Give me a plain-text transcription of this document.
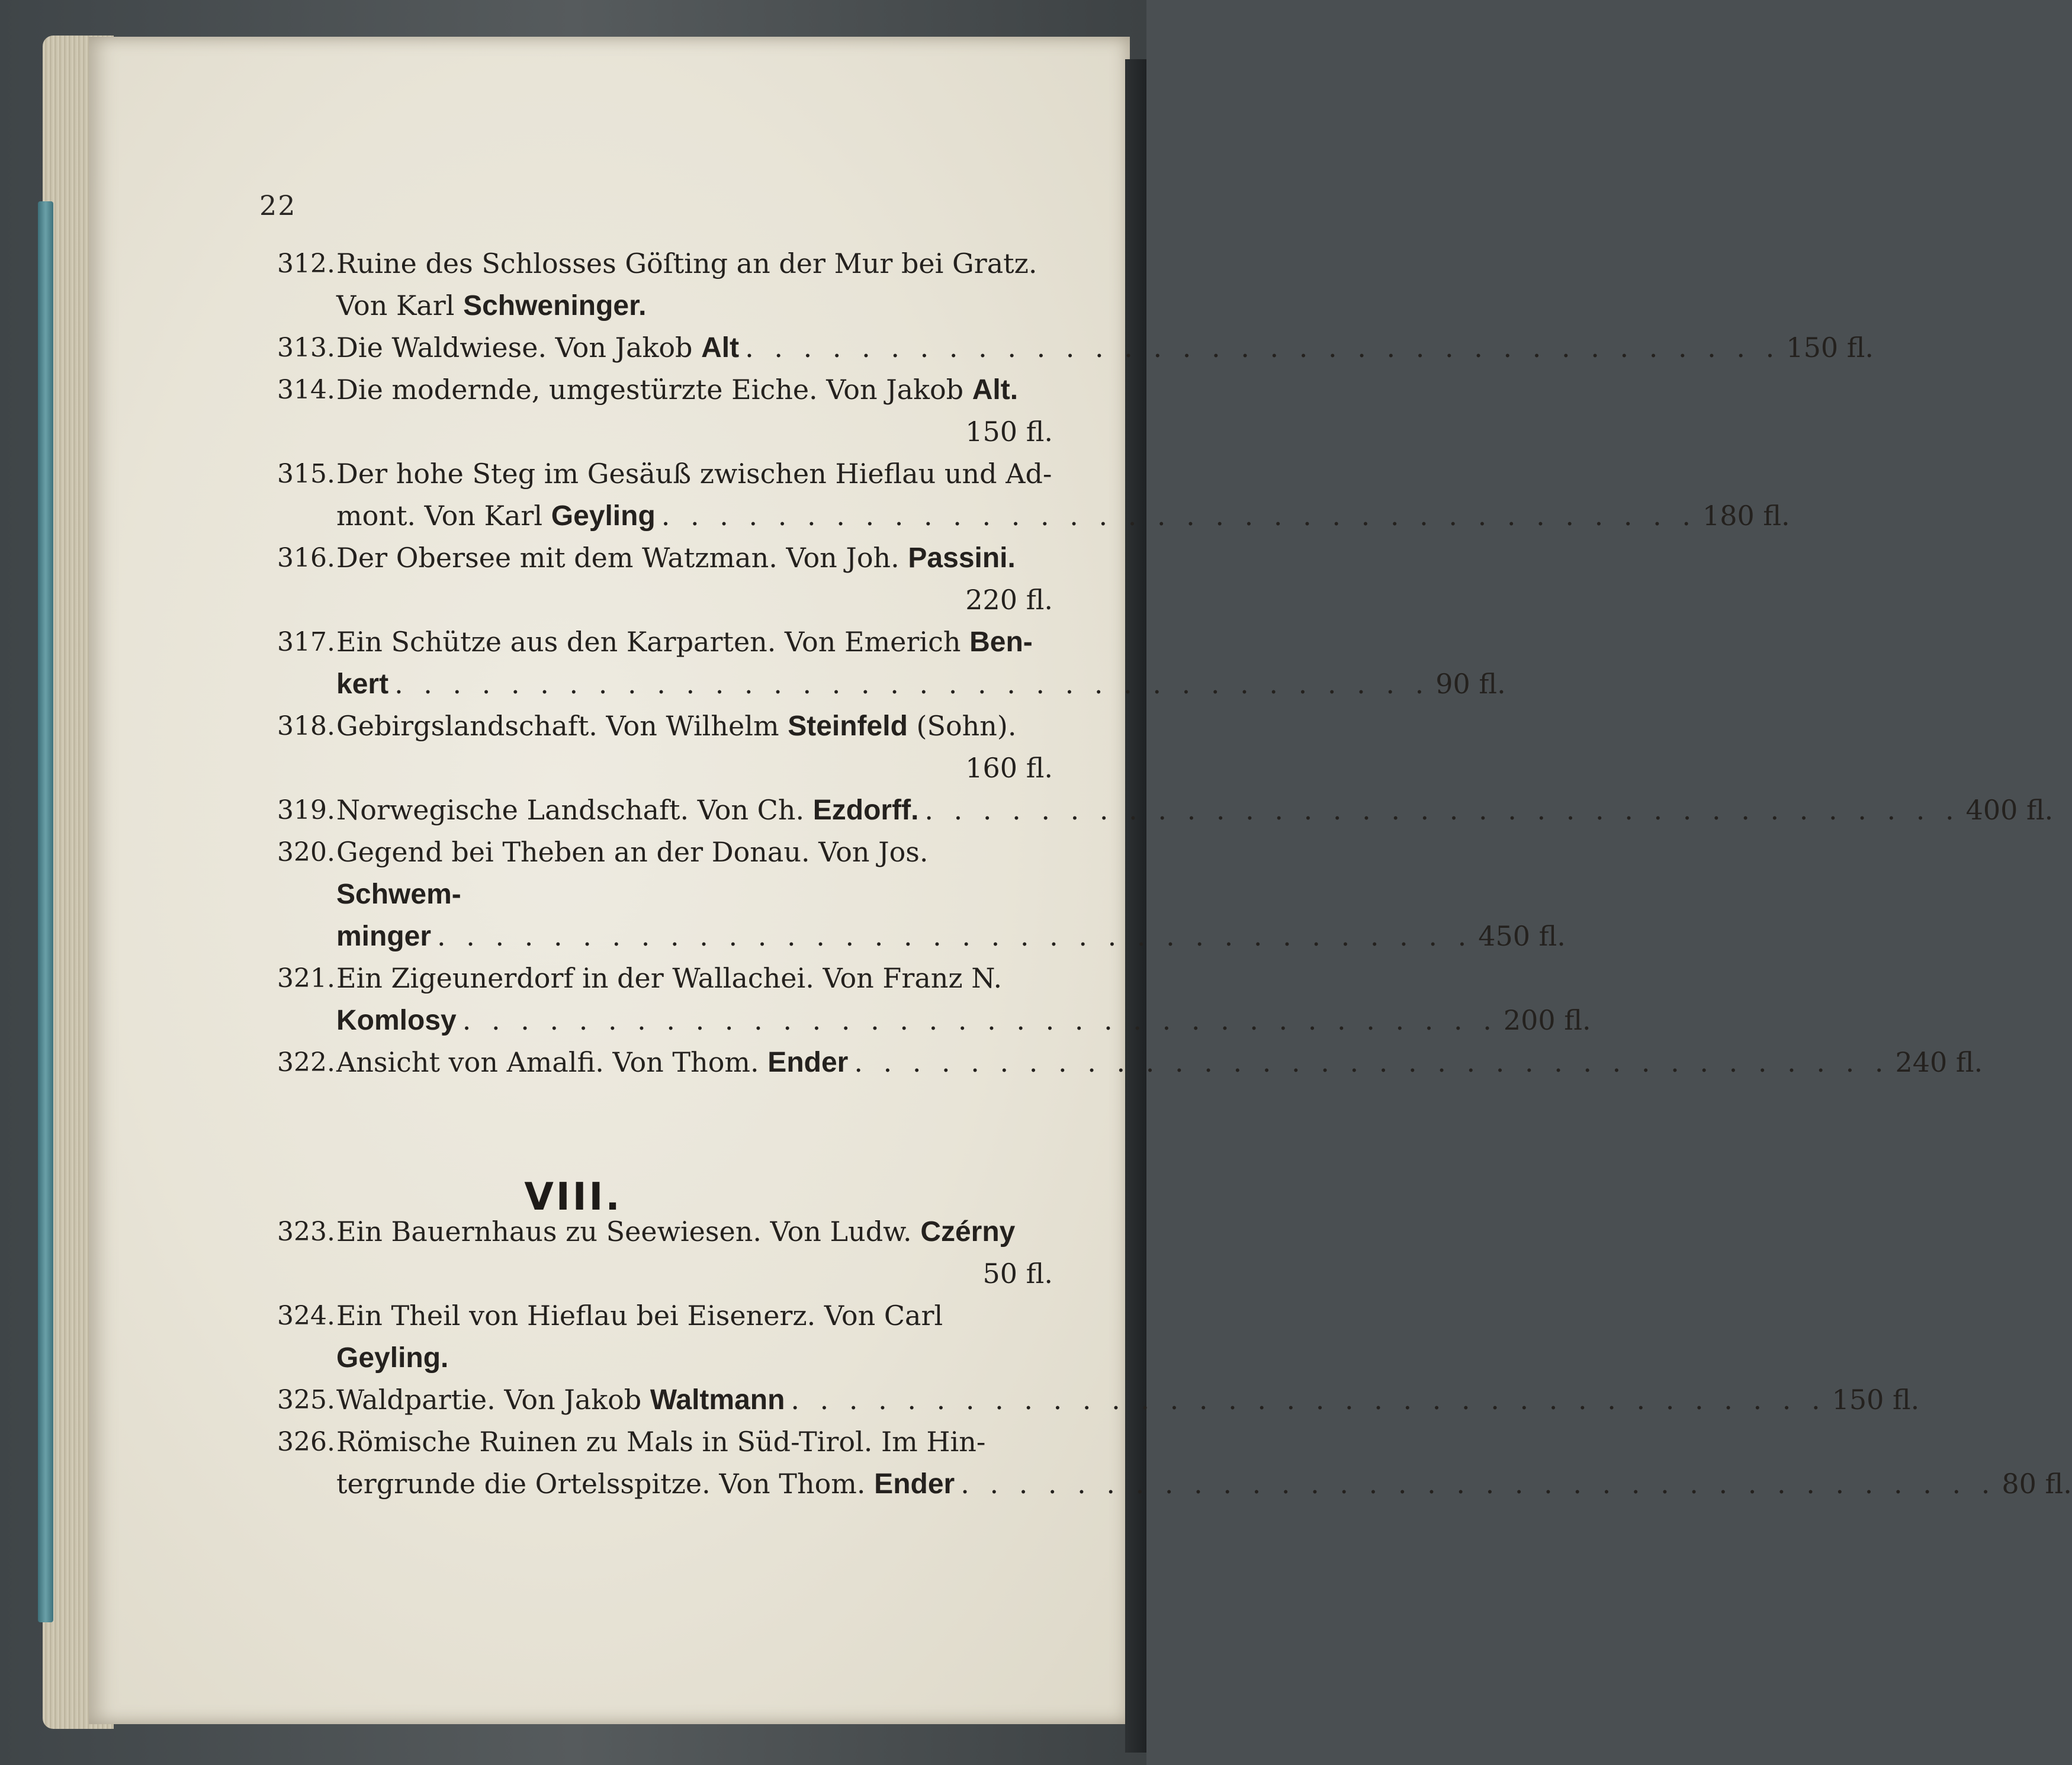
22
312. Ruine des Schlosses Göſting an der Mur bei Gratz.
Von Karl Schweninger.
313. Die Waldwiese. Von Jakob Alt . . . . . . . . . . . . . . . . . . . . . . . . . . . . . . . . . . . . 150 fl.
314. Die modernde, umgestürzte Eiche. Von Jakob Alt.
150 fl.
315. Der hohe Steg im Gesäuß zwischen Hieflau und Ad-
mont. Von Karl Geyling . . . . . . . . . . . . . . . . . . . . . . . . . . . . . . . . . . . . 180 fl.
316. Der Obersee mit dem Watzman. Von Joh. Passini.
220 fl.
317. Ein Schütze aus den Karparten. Von Emerich Ben-
kert . . . . . . . . . . . . . . . . . . . . . . . . . . . . . . . . . . . . 90 fl.
318. Gebirgslandschaft. Von Wilhelm Steinfeld (Sohn).
160 fl.
319. Norwegische Landschaft. Von Ch. Ezdorff. . . . . . . . . . . . . . . . . . . . . . . . . . . . . . . . . . . . . 400 fl.
320. Gegend bei Theben an der Donau. Von Jos. Schwem-
minger . . . . . . . . . . . . . . . . . . . . . . . . . . . . . . . . . . . . 450 fl.
321. Ein Zigeunerdorf in der Wallachei. Von Franz N.
Komlosy . . . . . . . . . . . . . . . . . . . . . . . . . . . . . . . . . . . . 200 fl.
322. Ansicht von Amalfi. Von Thom. Ender . . . . . . . . . . . . . . . . . . . . . . . . . . . . . . . . . . . . 240 fl.
VIII.
323. Ein Bauernhaus zu Seewiesen. Von Ludw. Czérny
50 fl.
324. Ein Theil von Hieflau bei Eisenerz. Von Carl Geyling.
325. Waldpartie. Von Jakob Waltmann . . . . . . . . . . . . . . . . . . . . . . . . . . . . . . . . . . . . 150 fl.
326. Römische Ruinen zu Mals in Süd-Tirol. Im Hin-
tergrunde die Ortelsspitze. Von Thom. Ender . . . . . . . . . . . . . . . . . . . . . . . . . . . . . . . . . . . . 80 fl.
